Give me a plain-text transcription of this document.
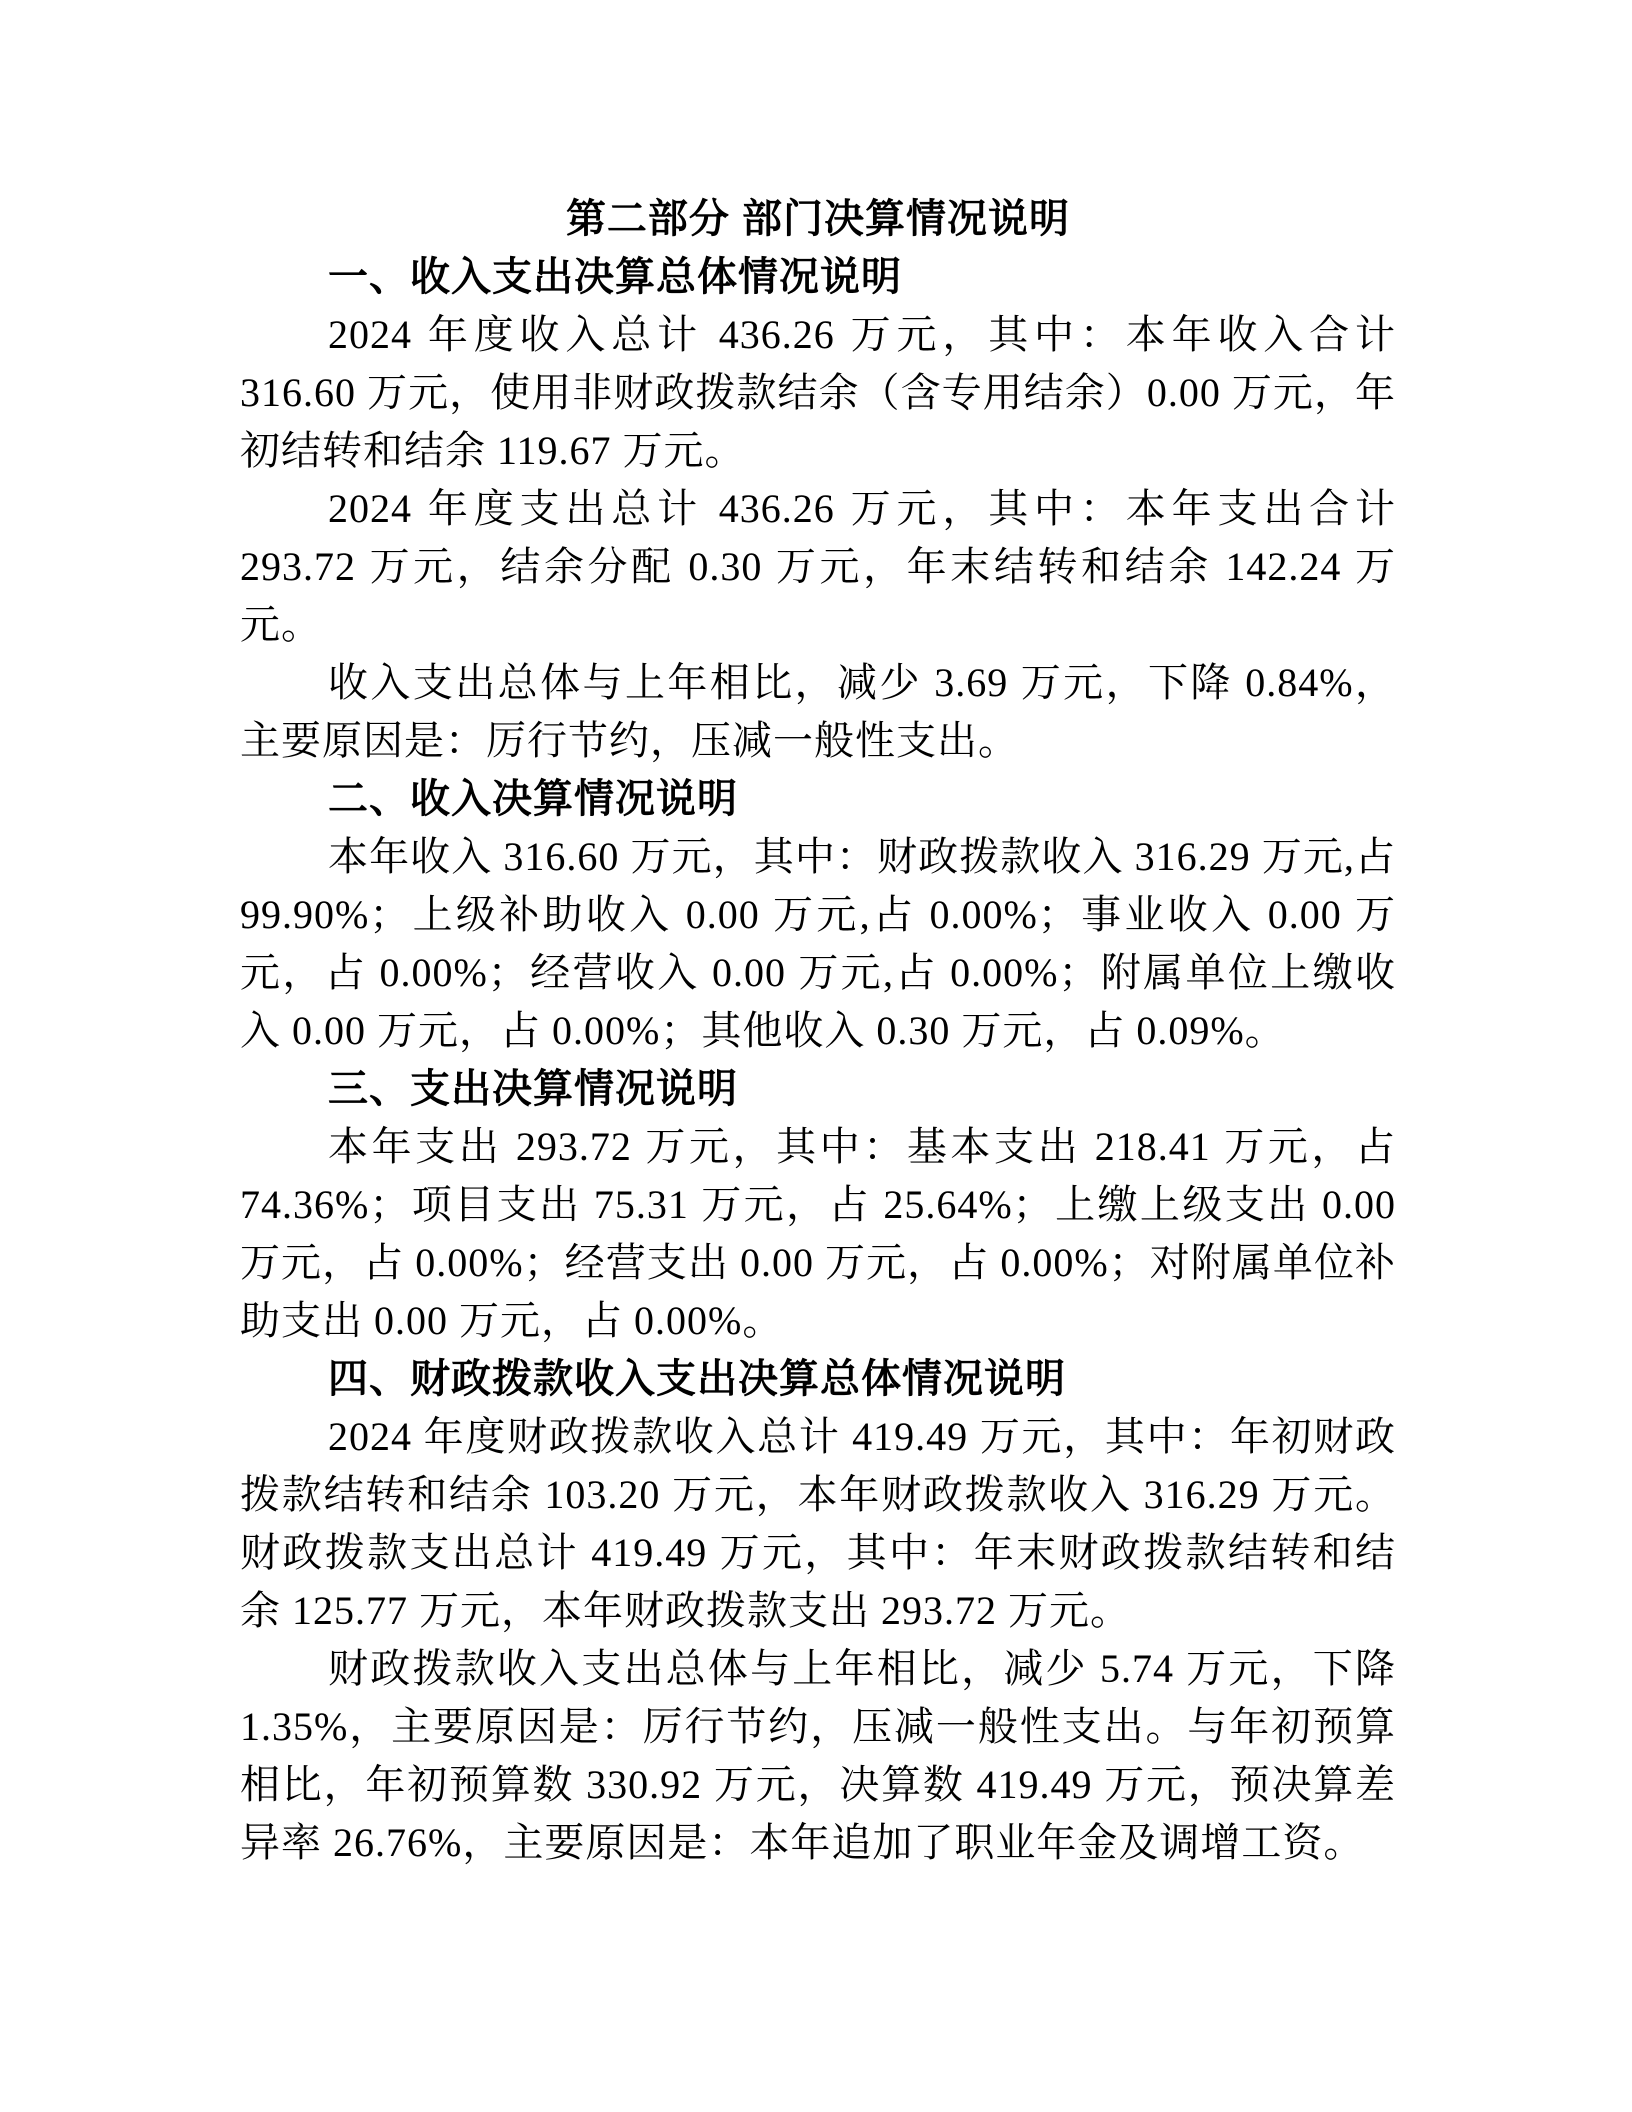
第二部分 部门决算情况说明
一、收入支出决算总体情况说明

2024 年度收入总计 436.26 万元，其中：本年收入合计 316.60 万元，使用非财政拨款结余（含专用结余）0.00 万元，年初结转和结余 119.67 万元。

2024 年度支出总计 436.26 万元，其中：本年支出合计 293.72 万元，结余分配 0.30 万元，年末结转和结余 142.24 万元。

收入支出总体与上年相比，减少 3.69 万元，下降 0.84%，主要原因是：厉行节约，压减一般性支出。

二、收入决算情况说明

本年收入 316.60 万元，其中：财政拨款收入 316.29 万元,占 99.90%；上级补助收入 0.00 万元,占 0.00%；事业收入 0.00 万元，占 0.00%；经营收入 0.00 万元,占 0.00%；附属单位上缴收入 0.00 万元，占 0.00%；其他收入 0.30 万元，占 0.09%。

三、支出决算情况说明

本年支出 293.72 万元，其中：基本支出 218.41 万元，占 74.36%；项目支出 75.31 万元，占 25.64%；上缴上级支出 0.00 万元，占 0.00%；经营支出 0.00 万元，占 0.00%；对附属单位补助支出 0.00 万元，占 0.00%。

四、财政拨款收入支出决算总体情况说明

2024 年度财政拨款收入总计 419.49 万元，其中：年初财政拨款结转和结余 103.20 万元，本年财政拨款收入 316.29 万元。财政拨款支出总计 419.49 万元，其中：年末财政拨款结转和结余 125.77 万元，本年财政拨款支出 293.72 万元。

财政拨款收入支出总体与上年相比，减少 5.74 万元，下降 1.35%，主要原因是：厉行节约，压减一般性支出。与年初预算相比，年初预算数 330.92 万元，决算数 419.49 万元，预决算差异率 26.76%，主要原因是：本年追加了职业年金及调增工资。
